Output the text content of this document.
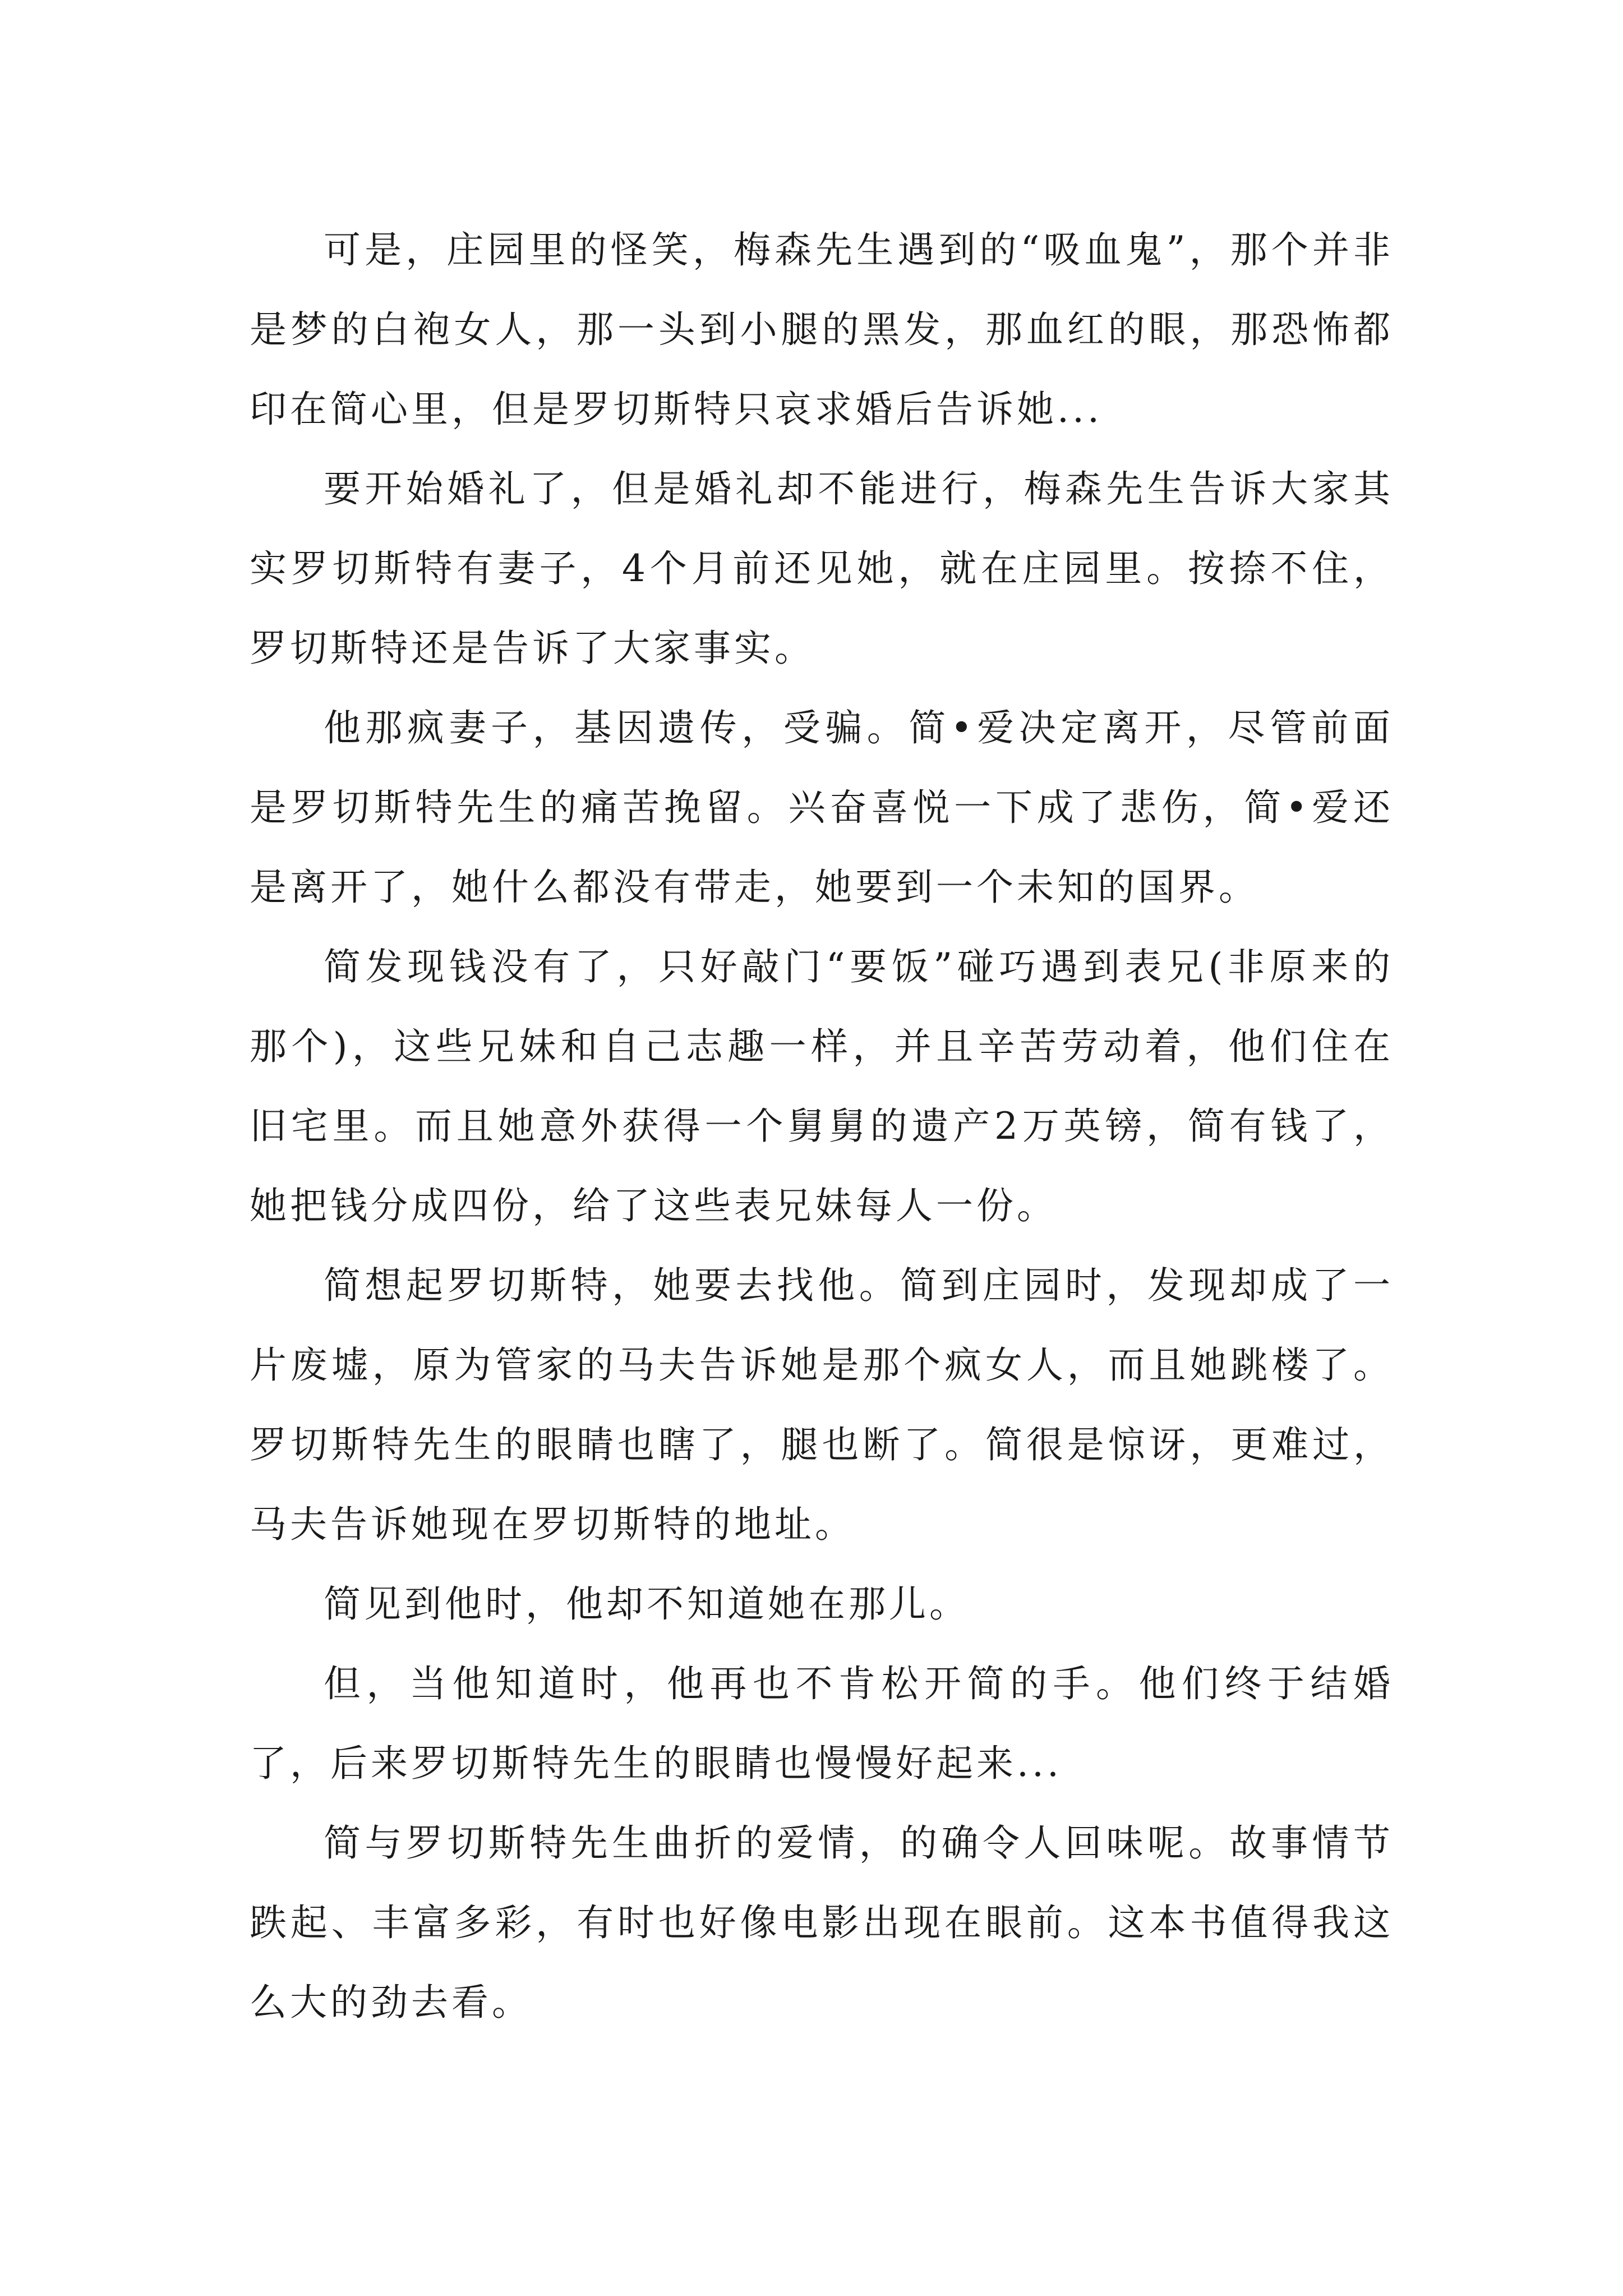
可是，庄园里的怪笑，梅森先生遇到的“吸血鬼”，那个并非是梦的白袍女人，那一头到小腿的黑发，那血红的眼，那恐怖都印在简心里，但是罗切斯特只哀求婚后告诉她...

要开始婚礼了，但是婚礼却不能进行，梅森先生告诉大家其实罗切斯特有妻子，4个月前还见她，就在庄园里。按捺不住，罗切斯特还是告诉了大家事实。

他那疯妻子，基因遗传，受骗。简•爱决定离开，尽管前面是罗切斯特先生的痛苦挽留。兴奋喜悦一下成了悲伤，简•爱还是离开了，她什么都没有带走，她要到一个未知的国界。

简发现钱没有了，只好敲门“要饭”碰巧遇到表兄(非原来的那个)，这些兄妹和自己志趣一样，并且辛苦劳动着，他们住在旧宅里。而且她意外获得一个舅舅的遗产2万英镑，简有钱了，她把钱分成四份，给了这些表兄妹每人一份。

简想起罗切斯特，她要去找他。简到庄园时，发现却成了一片废墟，原为管家的马夫告诉她是那个疯女人，而且她跳楼了。罗切斯特先生的眼睛也瞎了，腿也断了。简很是惊讶，更难过，马夫告诉她现在罗切斯特的地址。

简见到他时，他却不知道她在那儿。

但，当他知道时，他再也不肯松开简的手。他们终于结婚了，后来罗切斯特先生的眼睛也慢慢好起来...

简与罗切斯特先生曲折的爱情，的确令人回味呢。故事情节跌起、丰富多彩，有时也好像电影出现在眼前。这本书值得我这么大的劲去看。
